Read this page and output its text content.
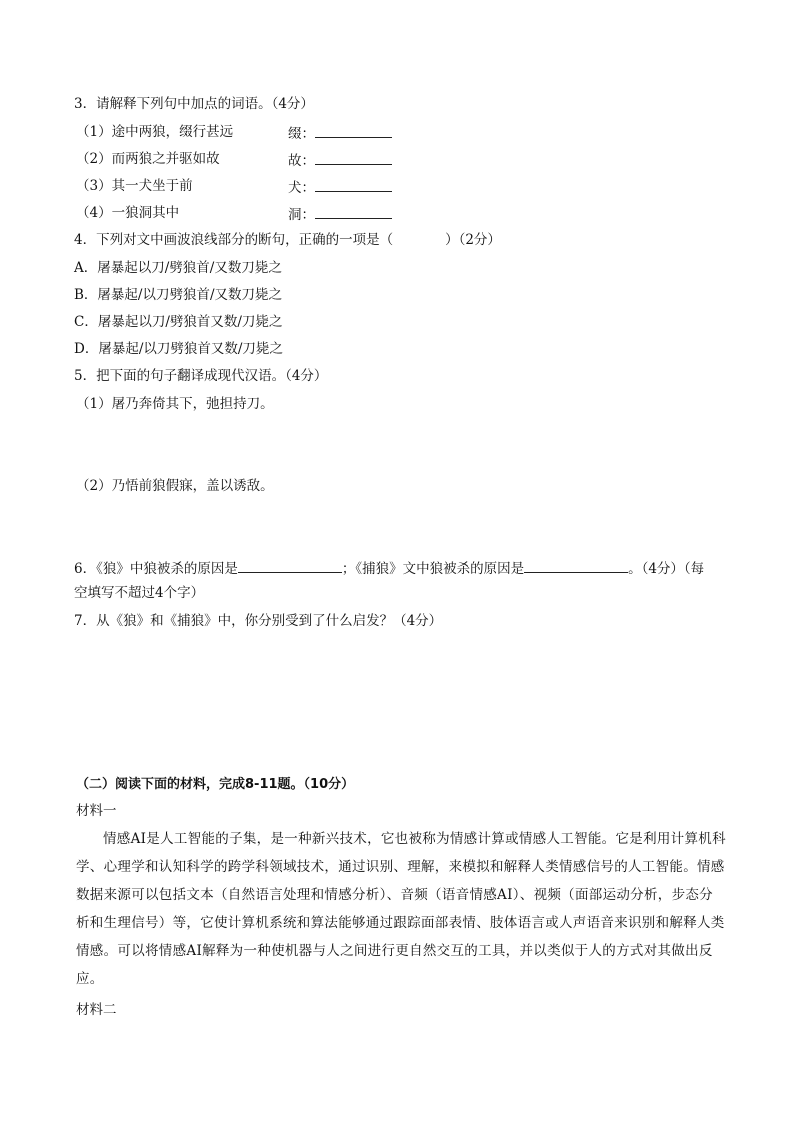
3．请解释下列句中加点的词语。（4分）
（1）途中两狼，缀行甚远	缀：
（2）而两狼之并驱如故	故：
（3）其一犬坐于前	犬：
（4）一狼洞其中	洞：
4．下列对文中画波浪线部分的断句，正确的一项是（	）（2分）
A．屠暴起以刀/劈狼首/又数刀毙之
B．屠暴起/以刀劈狼首/又数刀毙之
C．屠暴起以刀/劈狼首又数/刀毙之
D．屠暴起/以刀劈狼首又数/刀毙之
5．把下面的句子翻译成现代汉语。（4分）
（1）屠乃奔倚其下，弛担持刀。
（2）乃悟前狼假寐，盖以诱敌。
6．《狼》中狼被杀的原因是	；《捕狼》文中狼被杀的原因是	。（4分）（每
空填写不超过4个字）
7．从《狼》和《捕狼》中，你分别受到了什么启发？（4分）
（二）阅读下面的材料，完成8-11题。（10分）
材料一
情感AI是人工智能的子集，是一种新兴技术，它也被称为情感计算或情感人工智能。它是利用计算机科学、心理学和认知科学的跨学科领域技术，通过识别、理解，来模拟和解释人类情感信号的人工智能。情感数据来源可以包括文本（自然语言处理和情感分析）、音频（语音情感AI）、视频（面部运动分析，步态分析和生理信号）等，它使计算机系统和算法能够通过跟踪面部表情、肢体语言或人声语音来识别和解释人类情感。可以将情感AI解释为一种使机器与人之间进行更自然交互的工具，并以类似于人的方式对其做出反应。
材料二
